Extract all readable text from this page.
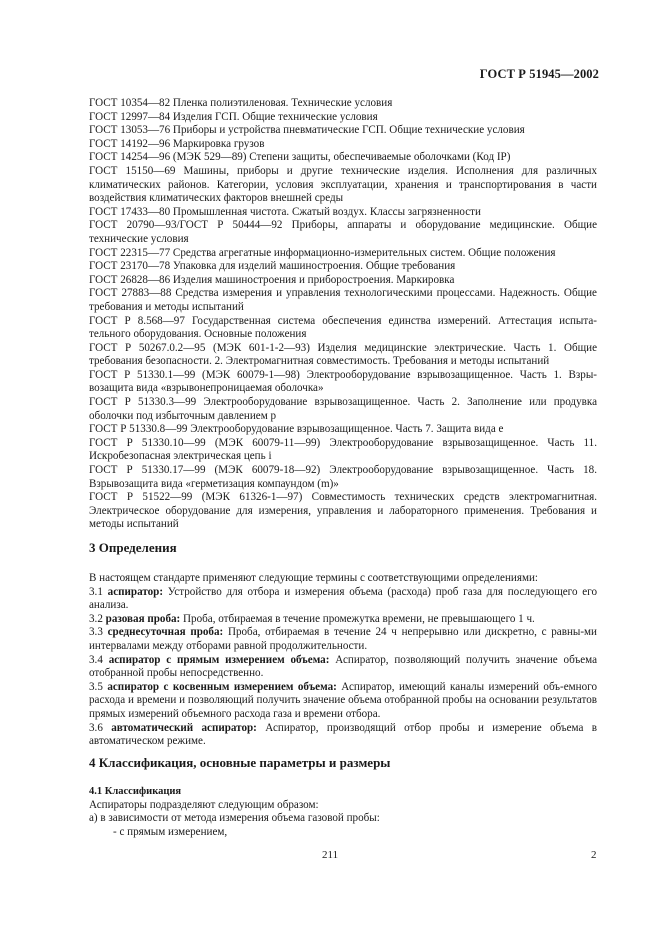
ГОСТ Р 51945—2002

ГОСТ 10354—82 Пленка полиэтиленовая. Технические условия

ГОСТ 12997—84 Изделия ГСП. Общие технические условия

ГОСТ 13053—76 Приборы и устройства пневматические ГСП. Общие технические условия

ГОСТ 14192—96 Маркировка грузов

ГОСТ 14254—96 (МЭК 529—89) Степени защиты, обеспечиваемые оболочками (Код IP)

ГОСТ 15150—69 Машины, приборы и другие технические изделия. Исполнения для различных климатических районов. Категории, условия эксплуатации, хранения и транспортирования в части воздействия климатических факторов внешней среды

ГОСТ 17433—80 Промышленная чистота. Сжатый воздух. Классы загрязненности

ГОСТ 20790—93/ГОСТ Р 50444—92 Приборы, аппараты и оборудование медицинские. Общие технические условия

ГОСТ 22315—77 Средства агрегатные информационно-измерительных систем. Общие положения

ГОСТ 23170—78 Упаковка для изделий машиностроения. Общие требования

ГОСТ 26828—86 Изделия машиностроения и приборостроения. Маркировка

ГОСТ 27883—88 Средства измерения и управления технологическими процессами. Надежность. Общие требования и методы испытаний

ГОСТ Р 8.568—97 Государственная система обеспечения единства измерений. Аттестация испыта-тельного оборудования. Основные положения

ГОСТ Р 50267.0.2—95 (МЭК 601-1-2—93) Изделия медицинские электрические. Часть 1. Общие требования безопасности. 2. Электромагнитная совместимость. Требования и методы испытаний

ГОСТ Р 51330.1—99 (МЭК 60079-1—98) Электрооборудование взрывозащищенное. Часть 1. Взры-возащита вида «взрывонепроницаемая оболочка»

ГОСТ Р 51330.3—99 Электрооборудование взрывозащищенное. Часть 2. Заполнение или продувка оболочки под избыточным давлением p

ГОСТ Р 51330.8—99 Электрооборудование взрывозащищенное. Часть 7. Защита вида e

ГОСТ Р 51330.10—99 (МЭК 60079-11—99) Электрооборудование взрывозащищенное. Часть 11. Искробезопасная электрическая цепь i

ГОСТ Р 51330.17—99 (МЭК 60079-18—92) Электрооборудование взрывозащищенное. Часть 18. Взрывозащита вида «герметизация компаундом (m)»

ГОСТ Р 51522—99 (МЭК 61326-1—97) Совместимость технических средств электромагнитная. Электрическое оборудование для измерения, управления и лабораторного применения. Требования и методы испытаний

3 Определения

В настоящем стандарте применяют следующие термины с соответствующими определениями:

3.1 аспиратор: Устройство для отбора и измерения объема (расхода) проб газа для последующего его анализа.

3.2 разовая проба: Проба, отбираемая в течение промежутка времени, не превышающего 1 ч.

3.3 среднесуточная проба: Проба, отбираемая в течение 24 ч непрерывно или дискретно, с равны-ми интервалами между отборами равной продолжительности.

3.4 аспиратор с прямым измерением объема: Аспиратор, позволяющий получить значение объема отобранной пробы непосредственно.

3.5 аспиратор с косвенным измерением объема: Аспиратор, имеющий каналы измерений объ-емного расхода и времени и позволяющий получить значение объема отобранной пробы на основании результатов прямых измерений объемного расхода газа и времени отбора.

3.6 автоматический аспиратор: Аспиратор, производящий отбор пробы и измерение объема в автоматическом режиме.

4 Классификация, основные параметры и размеры

4.1 Классификация

Аспираторы подразделяют следующим образом:

а) в зависимости от метода измерения объема газовой пробы:

- с прямым измерением,

211	2
